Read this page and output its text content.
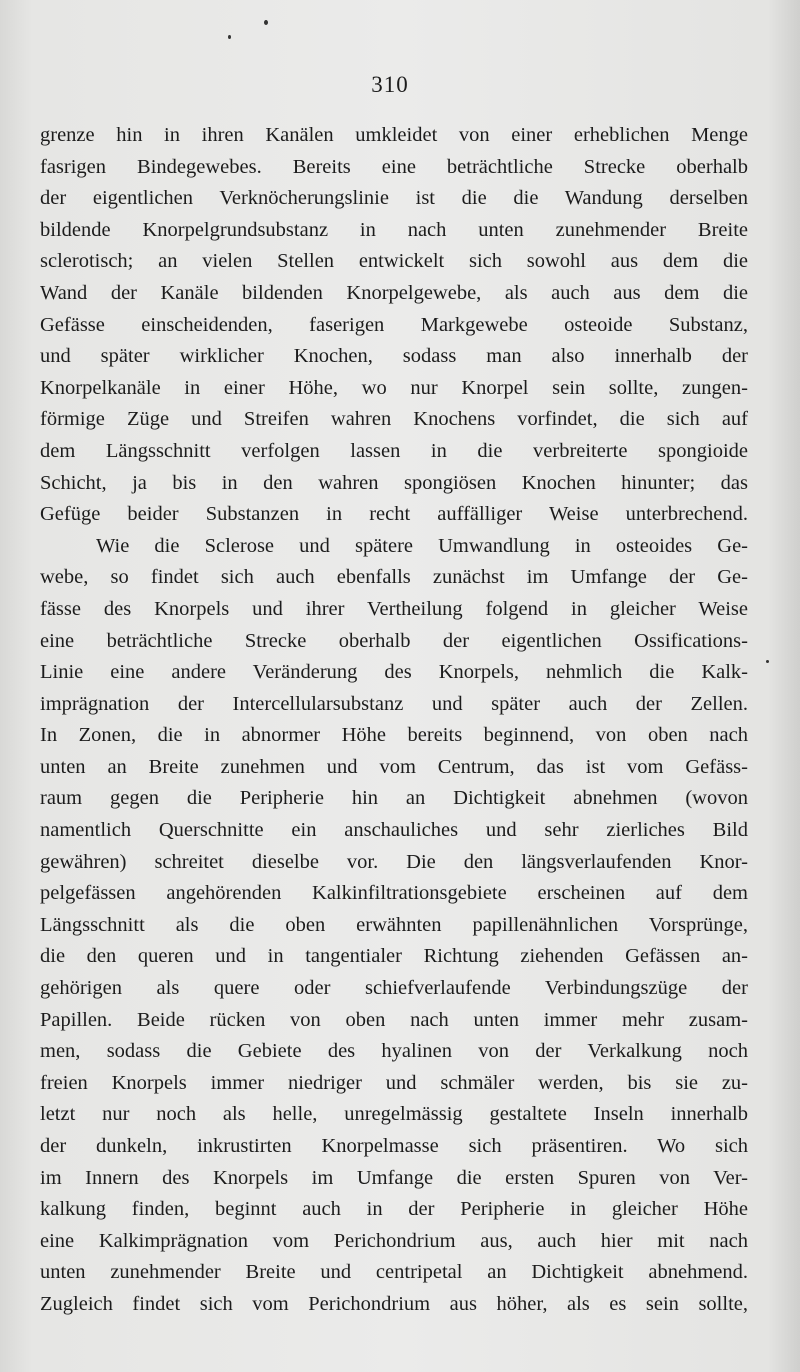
310
grenze hin in ihren Kanälen umkleidet von einer erheblichen Menge
fasrigen Bindegewebes. Bereits eine beträchtliche Strecke oberhalb
der eigentlichen Verknöcherungslinie ist die die Wandung derselben
bildende Knorpelgrundsubstanz in nach unten zunehmender Breite
sclerotisch; an vielen Stellen entwickelt sich sowohl aus dem die
Wand der Kanäle bildenden Knorpelgewebe, als auch aus dem die
Gefässe einscheidenden, faserigen Markgewebe osteoide Substanz,
und später wirklicher Knochen, sodass man also innerhalb der
Knorpelkanäle in einer Höhe, wo nur Knorpel sein sollte, zungen-
förmige Züge und Streifen wahren Knochens vorfindet, die sich auf
dem Längsschnitt verfolgen lassen in die verbreiterte spongioide
Schicht, ja bis in den wahren spongiösen Knochen hinunter; das
Gefüge beider Substanzen in recht auffälliger Weise unterbrechend.
Wie die Sclerose und spätere Umwandlung in osteoides Ge-
webe, so findet sich auch ebenfalls zunächst im Umfange der Ge-
fässe des Knorpels und ihrer Vertheilung folgend in gleicher Weise
eine beträchtliche Strecke oberhalb der eigentlichen Ossifications-
Linie eine andere Veränderung des Knorpels, nehmlich die Kalk-
imprägnation der Intercellularsubstanz und später auch der Zellen.
In Zonen, die in abnormer Höhe bereits beginnend, von oben nach
unten an Breite zunehmen und vom Centrum, das ist vom Gefäss-
raum gegen die Peripherie hin an Dichtigkeit abnehmen (wovon
namentlich Querschnitte ein anschauliches und sehr zierliches Bild
gewähren) schreitet dieselbe vor. Die den längsverlaufenden Knor-
pelgefässen angehörenden Kalkinfiltrationsgebiete erscheinen auf dem
Längsschnitt als die oben erwähnten papillenähnlichen Vorsprünge,
die den queren und in tangentialer Richtung ziehenden Gefässen an-
gehörigen als quere oder schiefverlaufende Verbindungszüge der
Papillen. Beide rücken von oben nach unten immer mehr zusam-
men, sodass die Gebiete des hyalinen von der Verkalkung noch
freien Knorpels immer niedriger und schmäler werden, bis sie zu-
letzt nur noch als helle, unregelmässig gestaltete Inseln innerhalb
der dunkeln, inkrustirten Knorpelmasse sich präsentiren. Wo sich
im Innern des Knorpels im Umfange die ersten Spuren von Ver-
kalkung finden, beginnt auch in der Peripherie in gleicher Höhe
eine Kalkimprägnation vom Perichondrium aus, auch hier mit nach
unten zunehmender Breite und centripetal an Dichtigkeit abnehmend.
Zugleich findet sich vom Perichondrium aus höher, als es sein sollte,
